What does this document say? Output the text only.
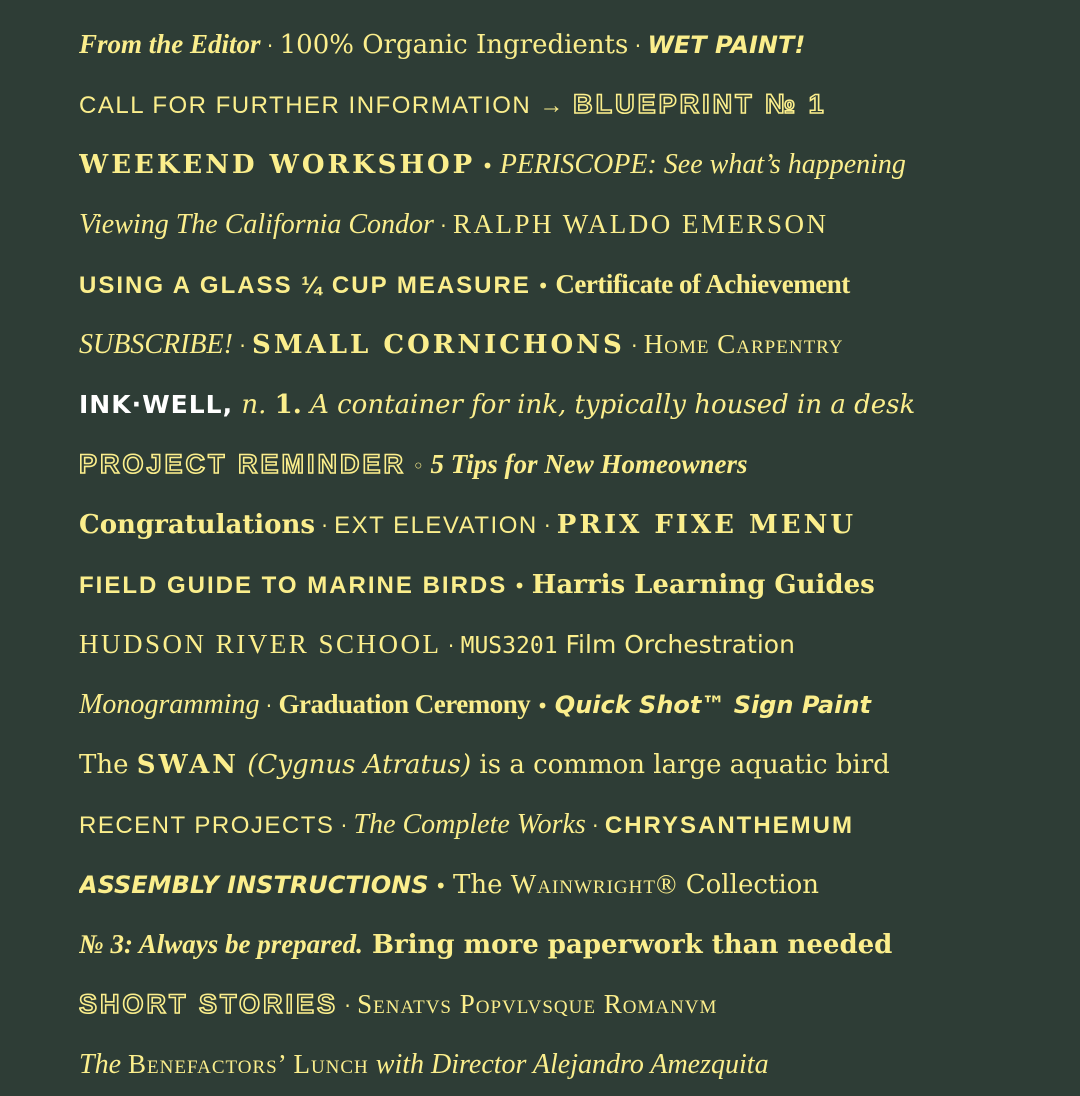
From the Editor · 100% Organic Ingredients · WET PAINT!
CALL FOR FURTHER INFORMATION → BLUEPRINT № 1
WEEKEND WORKSHOP • PERISCOPE: See what’s happening
Viewing The California Condor · RALPH WALDO EMERSON
USING A GLASS ¼ CUP MEASURE • Certificate of Achievement
SUBSCRIBE! · SMALL CORNICHONS · Home Carpentry
INK·WELL, n. 1. A container for ink, typically housed in a desk
PROJECT REMINDER ◦ 5 Tips for New Homeowners
Congratulations · EXT ELEVATION · PRIX FIXE MENU
FIELD GUIDE TO MARINE BIRDS • Harris Learning Guides
HUDSON RIVER SCHOOL · MUS3201 Film Orchestration
Monogramming · Graduation Ceremony • Quick Shot™ Sign Paint
The SWAN (Cygnus Atratus) is a common large aquatic bird
RECENT PROJECTS · The Complete Works · CHRYSANTHEMUM
ASSEMBLY INSTRUCTIONS • The Wainwright® Collection
№ 3: Always be prepared. Bring more paperwork than needed
SHORT STORIES · Senatvs Popvlvsque Romanvm
The Benefactors’ Lunch with Director Alejandro Amezquita
